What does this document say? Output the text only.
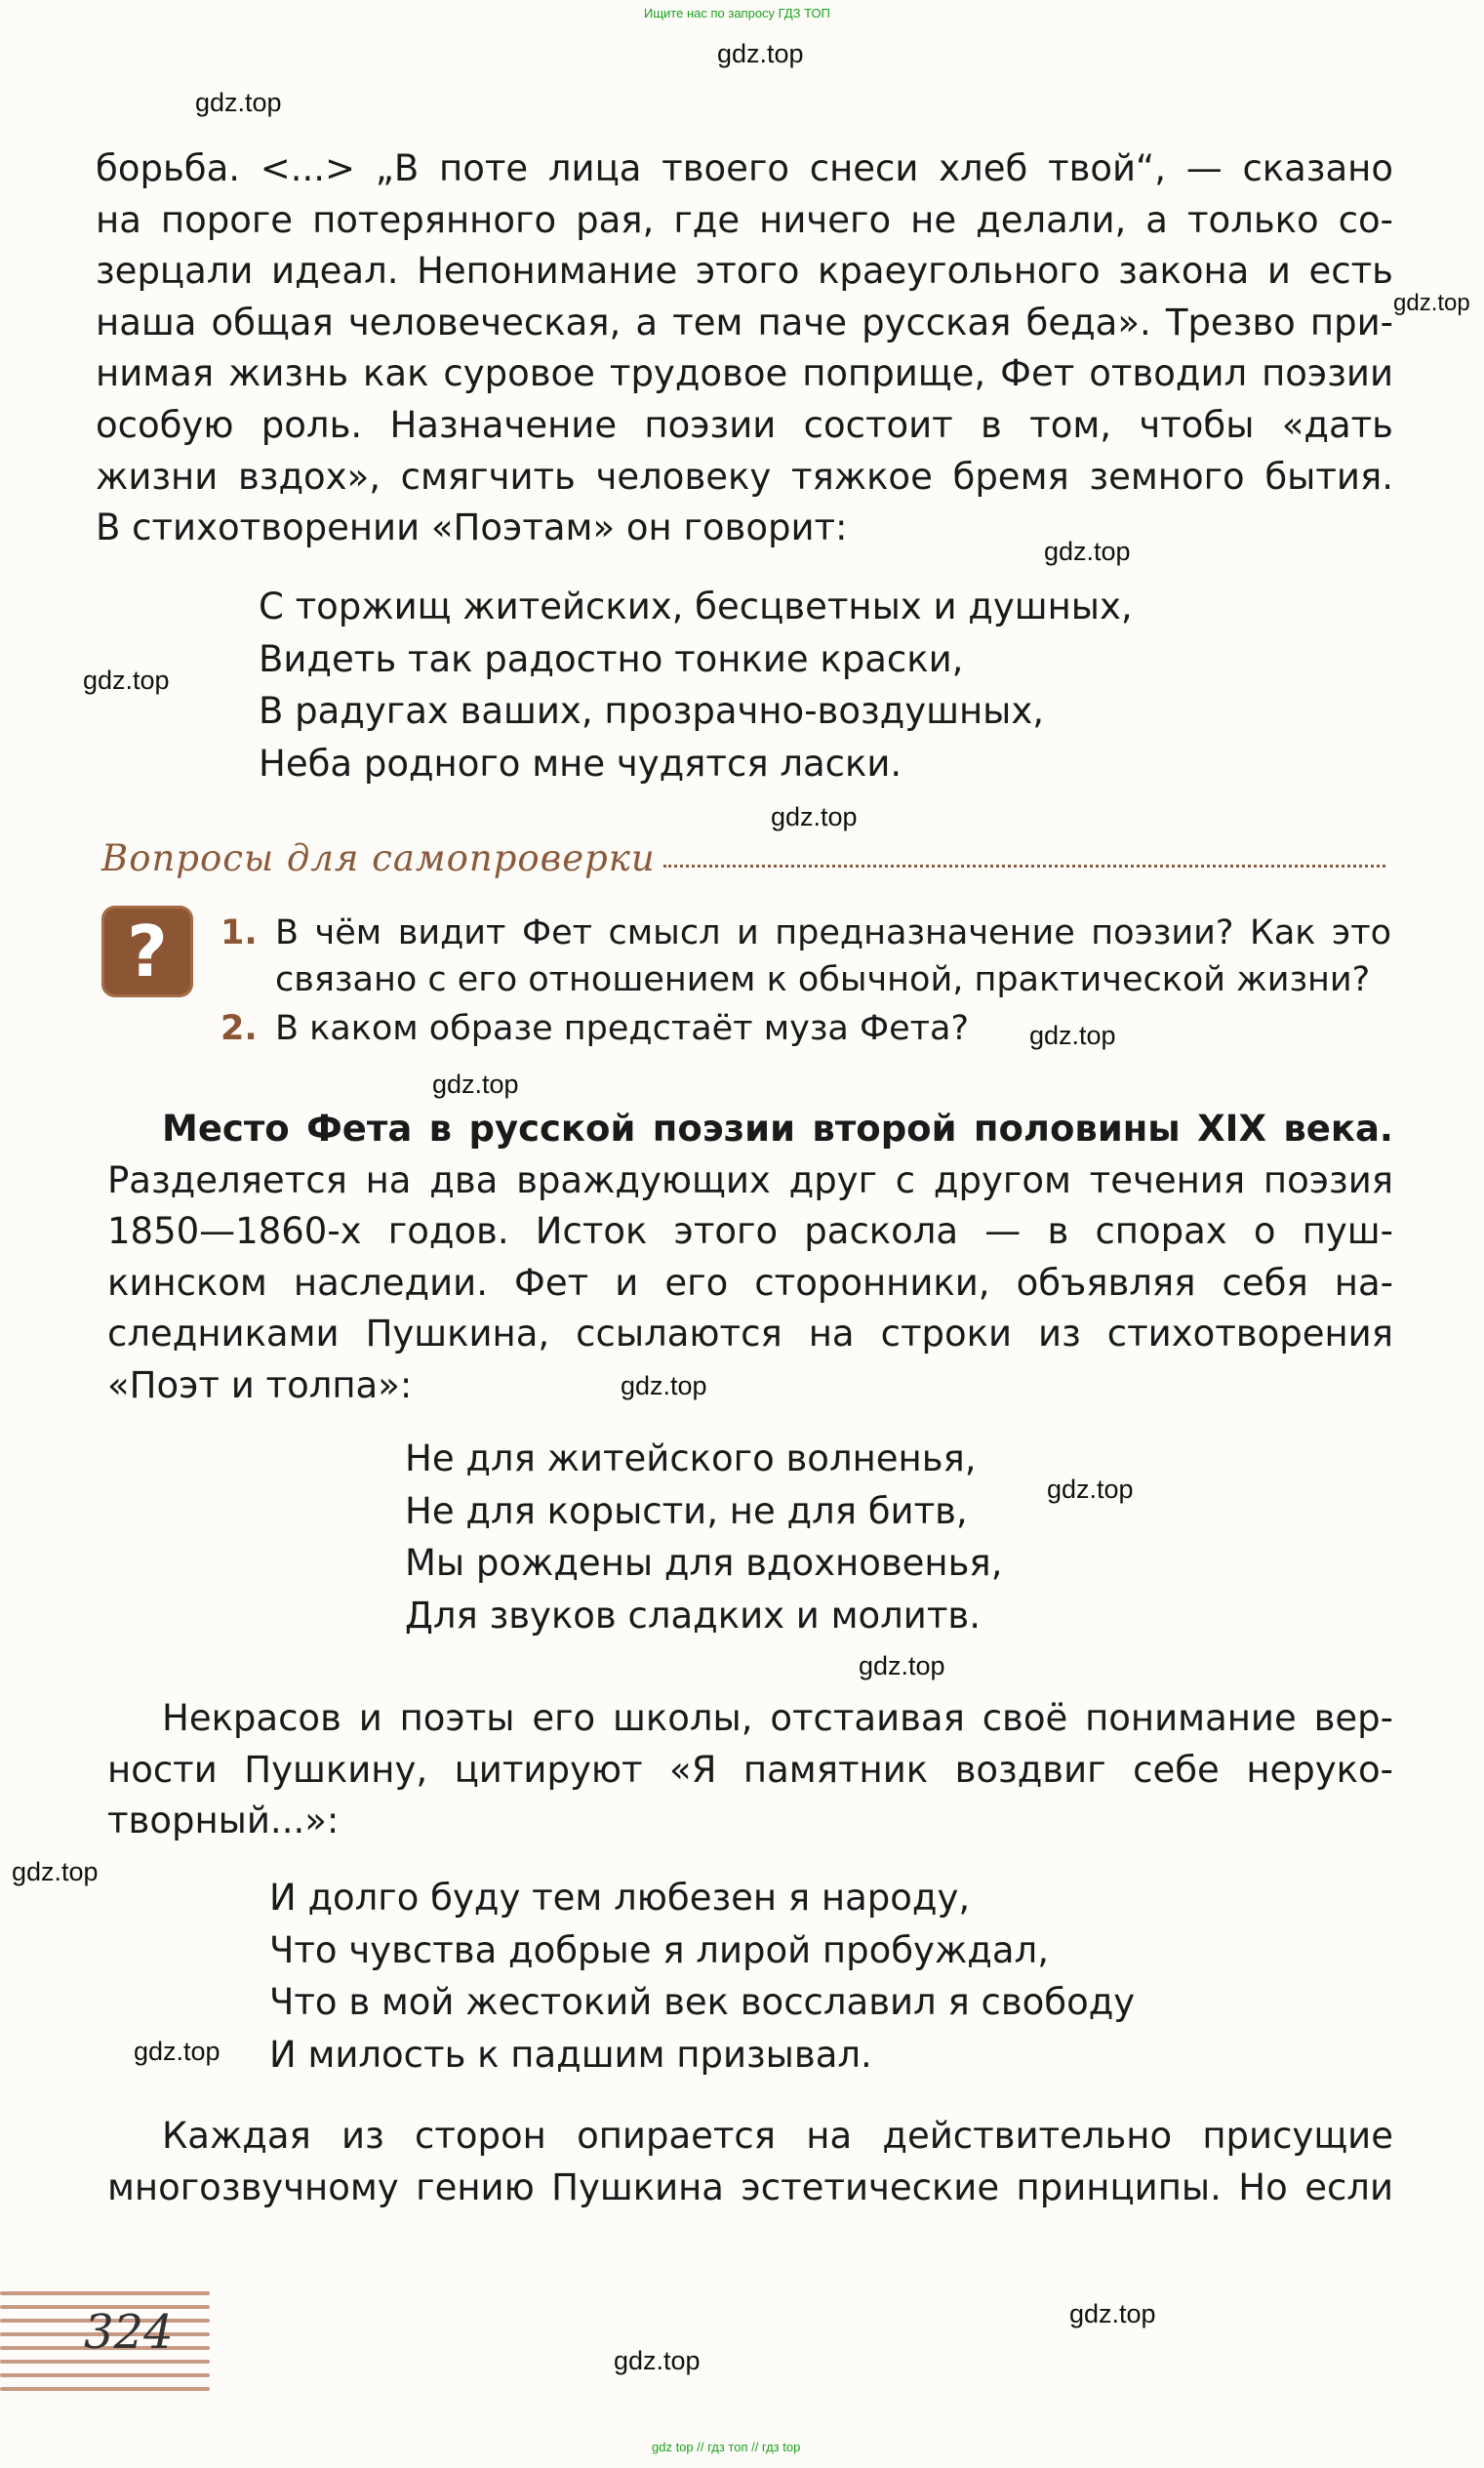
Ищите нас по запросу ГДЗ ТОП
gdz top // гдз топ // гдз top
gdz.top
gdz.top
gdz.top
gdz.top
gdz.top
gdz.top
gdz.top
gdz.top
gdz.top
gdz.top
gdz.top
gdz.top
gdz.top
gdz.top
gdz.top
борьба. <...> „В поте лица твоего снеси хлеб твой“, — сказано
на пороге потерянного рая, где ничего не делали, а только со-
зерцали идеал. Непонимание этого краеугольного закона и есть
наша общая человеческая, а тем паче русская беда». Трезво при-
нимая жизнь как суровое трудовое поприще, Фет отводил поэзии
особую роль. Назначение поэзии состоит в том, чтобы «дать
жизни вздох», смягчить человеку тяжкое бремя земного бытия.
В стихотворении «Поэтам» он говорит:
С торжищ житейских, бесцветных и душных,
Видеть так радостно тонкие краски,
В радугах ваших, прозрачно-воздушных,
Неба родного мне чудятся ласки.
Вопросы для самопроверки
?	1. В чём видит Фет смысл и предназначение поэзии? Как это
связано с его отношением к обычной, практической жизни?
2. В каком образе предстаёт муза Фета?
Место Фета в русской поэзии второй половины XIX века.
Разделяется на два враждующих друг с другом течения поэзия
1850—1860-х годов. Исток этого раскола — в спорах о пуш-
кинском наследии. Фет и его сторонники, объявляя себя на-
следниками Пушкина, ссылаются на строки из стихотворения
«Поэт и толпа»:
Не для житейского волненья,
Не для корысти, не для битв,
Мы рождены для вдохновенья,
Для звуков сладких и молитв.
Некрасов и поэты его школы, отстаивая своё понимание вер-
ности Пушкину, цитируют «Я памятник воздвиг себе неруко-
творный...»:
И долго буду тем любезен я народу,
Что чувства добрые я лирой пробуждал,
Что в мой жестокий век восславил я свободу
И милость к падшим призывал.
Каждая из сторон опирается на действительно присущие
многозвучному гению Пушкина эстетические принципы. Но если
324
